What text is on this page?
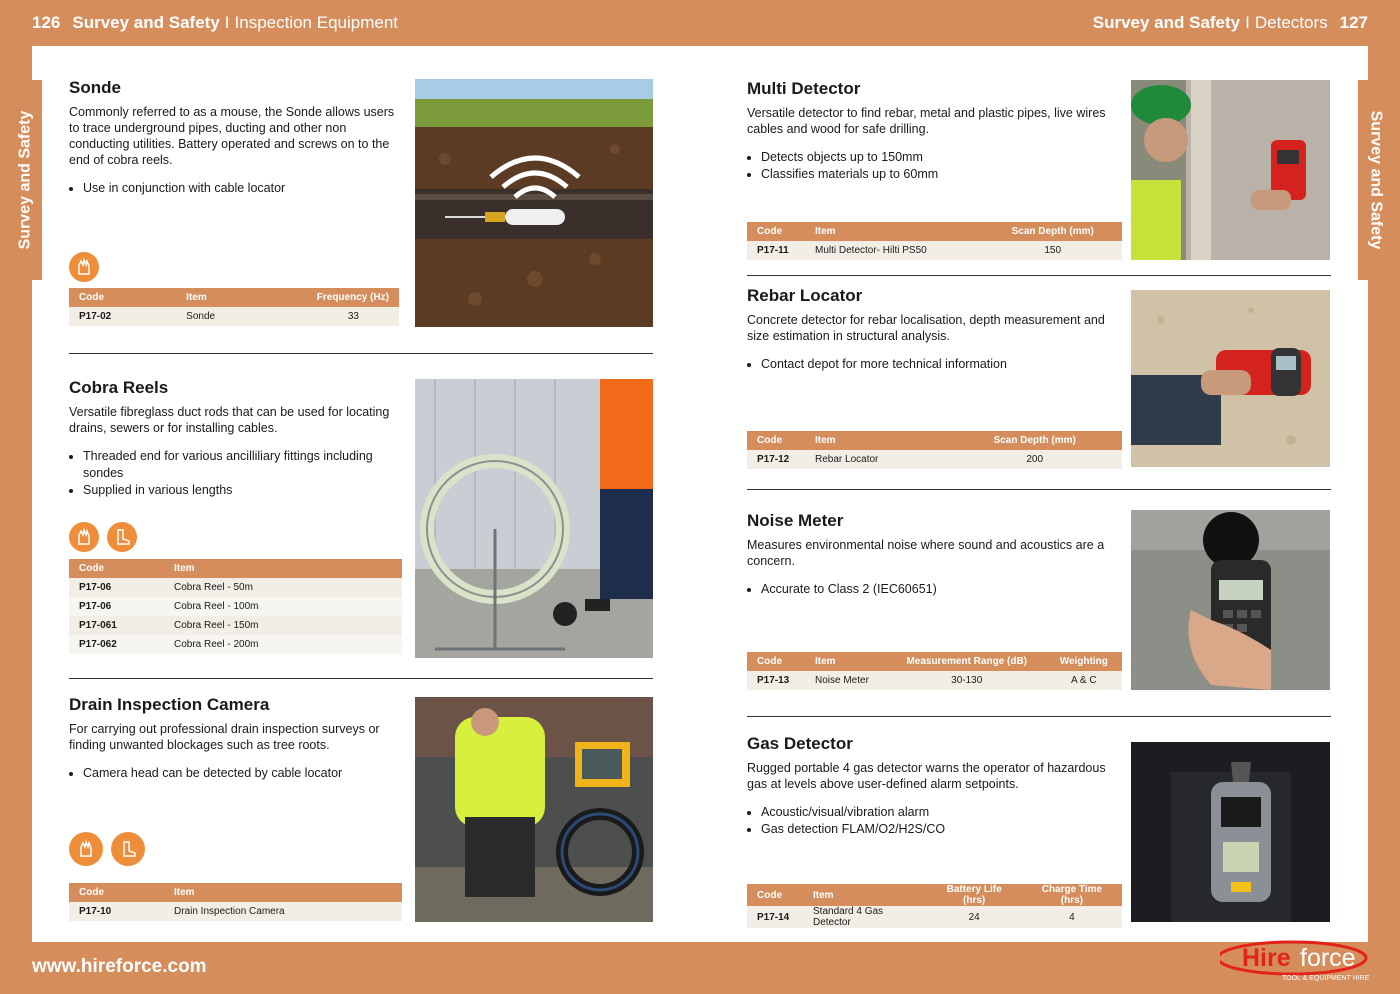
126 Survey and Safety I Inspection Equipment	Survey and Safety I Detectors 127
Survey and Safety	Survey and Safety
Sonde

Commonly referred to as a mouse, the Sonde allows users to trace underground pipes, ducting and other non conducting utilities. Battery operated and screws on to the end of cobra reels.

• Use in conjunction with cable locator
Code	Item	Frequency (Hz)
P17-02	Sonde	33
Cobra Reels

Versatile fibreglass duct rods that can be used for locating drains, sewers or for installing cables.

• Threaded end for various ancilliliary fittings including sondes
• Supplied in various lengths
Code	Item
P17-06	Cobra Reel - 50m
P17-06	Cobra Reel - 100m
P17-061	Cobra Reel - 150m
P17-062	Cobra Reel - 200m
Drain Inspection Camera

For carrying out professional drain inspection surveys or finding unwanted blockages such as tree roots.

• Camera head can be detected by cable locator
Code	Item
P17-10	Drain Inspection Camera
Multi Detector

Versatile detector to find rebar, metal and plastic pipes, live wires cables and wood for safe drilling.

• Detects objects up to 150mm
• Classifies materials up to 60mm
Code	Item	Scan Depth (mm)
P17-11	Multi Detector- Hilti PS50	150
Rebar Locator

Concrete detector for rebar localisation, depth measurement and size estimation in structural analysis.

• Contact depot for more technical information
Code	Item	Scan Depth (mm)
P17-12	Rebar Locator	200
Noise Meter

Measures environmental noise where sound and acoustics are a concern.

• Accurate to Class 2 (IEC60651)
Code	Item	Measurement Range (dB)	Weighting
P17-13	Noise Meter	30-130	A & C
Gas Detector

Rugged portable 4 gas detector warns the operator of hazardous gas at levels above user-defined alarm setpoints.

• Acoustic/visual/vibration alarm
• Gas detection FLAM/O2/H2S/CO
Code	Item	Battery Life (hrs)	Charge Time (hrs)
P17-14	Standard 4 Gas Detector	24	4
www.hireforce.com	Hire force
TOOL & EQUIPMENT HIRE
